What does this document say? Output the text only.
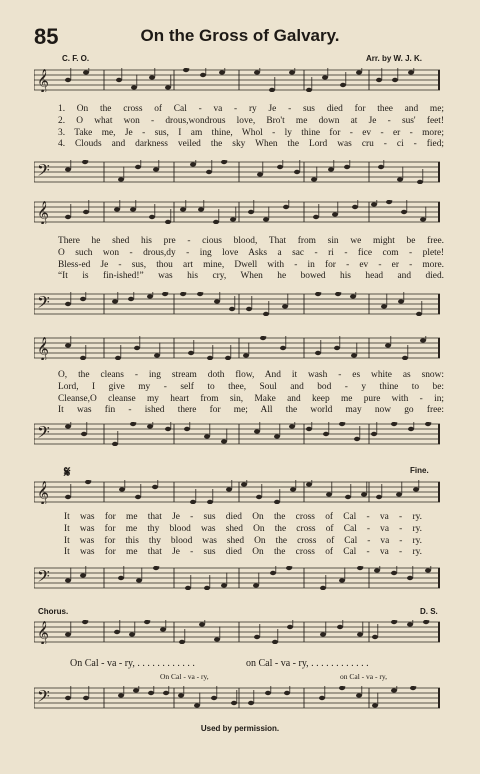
85	On the Gross of Galvary.
C. F. O.	Arr. by W. J. K.
𝄞
1. On the cross of Cal - va - ry Je - sus died for thee and me;
2. O what won - drous,wondrous love, Bro't me down at Je - sus' feet!
3. Take me, Je - sus, I am thine, Whol - ly thine for - ev - er - more;
4. Clouds and darkness veiled the sky When the Lord was cru - ci - fied;
𝄢
𝄞
There he shed his pre - cious blood, That from sin we might be free.
O such won - drous,dy - ing love Asks a sac - ri - fice com - plete!
Bless-ed Je - sus, thou art mine, Dwell with - in for - ev - er - more.
“It is fin-ished!” was his cry, When he bowed his head and died.
𝄢
𝄞
O, the cleans - ing stream doth flow, And it wash - es white as snow:
Lord, I give my - self to thee, Soul and bod - y thine to be:
Cleanse,O cleanse my heart from sin, Make and keep me pure with - in;
It was fin - ished there for me; All the world may now go free:
𝄢
𝄋	Fine.
𝄞
It was for me that Je - sus died On the cross of Cal - va - ry.
It was for me thy blood was shed On the cross of Cal - va - ry.
It was for this thy blood was shed On the cross of Cal - va - ry.
It was for me that Je - sus died On the cross of Cal - va - ry.
𝄢
Chorus.	D. S.
𝄞
On Cal - va - ry, . . . . . . . . . . . .	on Cal - va - ry, . . . . . . . . . . . .
On Cal - va - ry,	on Cal - va - ry,
𝄢
Used by permission.
